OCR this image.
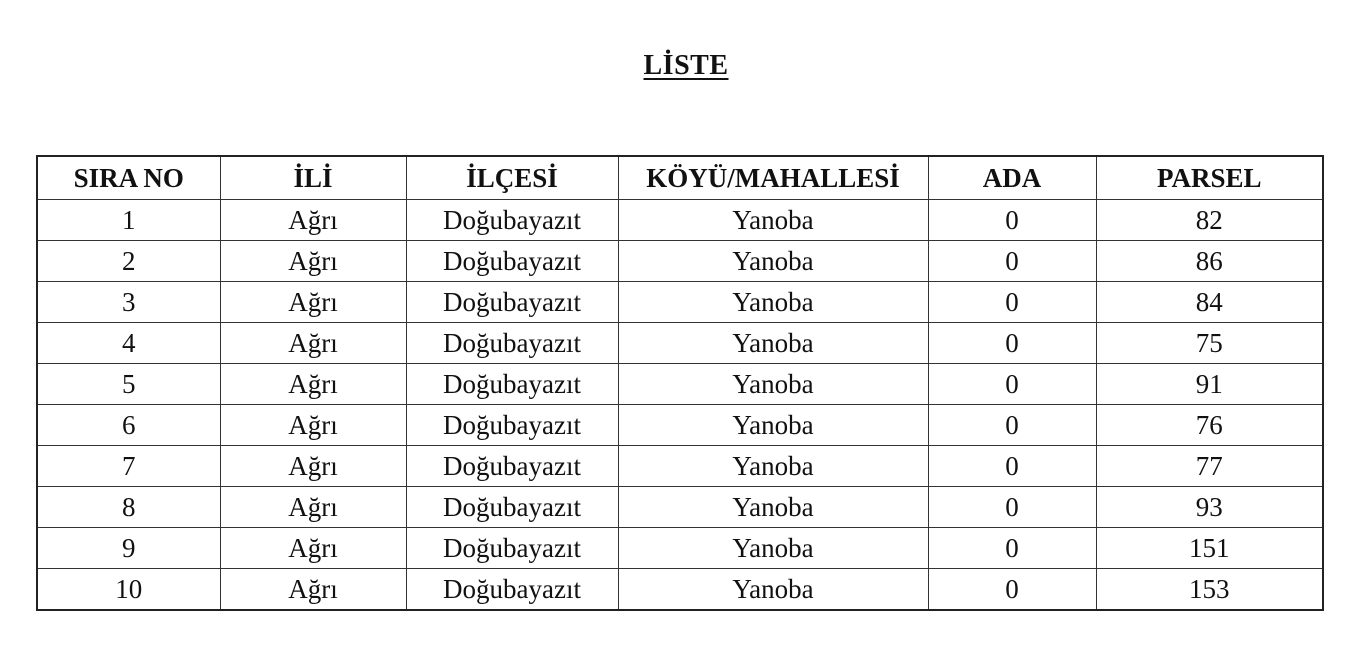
LİSTE
SIRA NO	İLİ	İLÇESİ	KÖYÜ/MAHALLESİ	ADA	PARSEL
1	Ağrı	Doğubayazıt	Yanoba	0	82
2	Ağrı	Doğubayazıt	Yanoba	0	86
3	Ağrı	Doğubayazıt	Yanoba	0	84
4	Ağrı	Doğubayazıt	Yanoba	0	75
5	Ağrı	Doğubayazıt	Yanoba	0	91
6	Ağrı	Doğubayazıt	Yanoba	0	76
7	Ağrı	Doğubayazıt	Yanoba	0	77
8	Ağrı	Doğubayazıt	Yanoba	0	93
9	Ağrı	Doğubayazıt	Yanoba	0	151
10	Ağrı	Doğubayazıt	Yanoba	0	153
